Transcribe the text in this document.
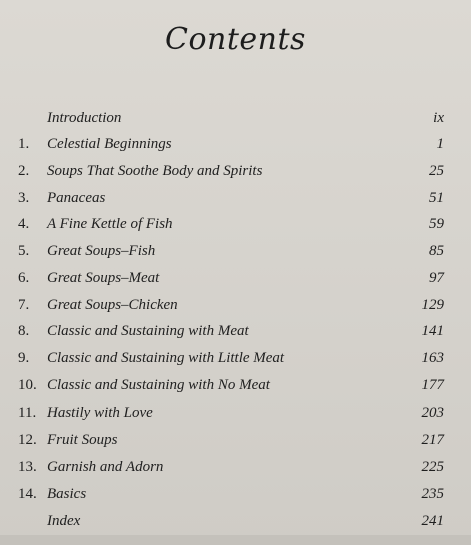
Contents
Introduction	ix
1.	Celestial Beginnings	1
2.	Soups That Soothe Body and Spirits	25
3.	Panaceas	51
4.	A Fine Kettle of Fish	59
5.	Great Soups–Fish	85
6.	Great Soups–Meat	97
7.	Great Soups–Chicken	129
8.	Classic and Sustaining with Meat	141
9.	Classic and Sustaining with Little Meat	163
10. Classic and Sustaining with No Meat	177
11. Hastily with Love	203
12. Fruit Soups	217
13. Garnish and Adorn	225
14. Basics	235
Index	241
